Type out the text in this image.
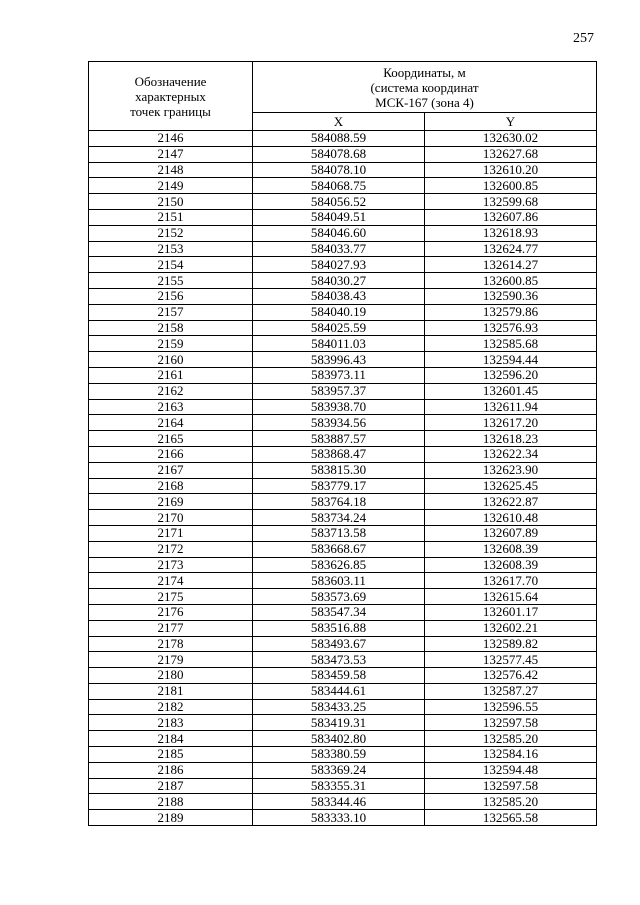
257
Обозначение
характерных
точек границы	Координаты, м
(система координат
МСК-167 (зона 4)	

	X	Y
2146	584088.59	132630.02
2147	584078.68	132627.68
2148	584078.10	132610.20
2149	584068.75	132600.85
2150	584056.52	132599.68
2151	584049.51	132607.86
2152	584046.60	132618.93
2153	584033.77	132624.77
2154	584027.93	132614.27
2155	584030.27	132600.85
2156	584038.43	132590.36
2157	584040.19	132579.86
2158	584025.59	132576.93
2159	584011.03	132585.68
2160	583996.43	132594.44
2161	583973.11	132596.20
2162	583957.37	132601.45
2163	583938.70	132611.94
2164	583934.56	132617.20
2165	583887.57	132618.23
2166	583868.47	132622.34
2167	583815.30	132623.90
2168	583779.17	132625.45
2169	583764.18	132622.87
2170	583734.24	132610.48
2171	583713.58	132607.89
2172	583668.67	132608.39
2173	583626.85	132608.39
2174	583603.11	132617.70
2175	583573.69	132615.64
2176	583547.34	132601.17
2177	583516.88	132602.21
2178	583493.67	132589.82
2179	583473.53	132577.45
2180	583459.58	132576.42
2181	583444.61	132587.27
2182	583433.25	132596.55
2183	583419.31	132597.58
2184	583402.80	132585.20
2185	583380.59	132584.16
2186	583369.24	132594.48
2187	583355.31	132597.58
2188	583344.46	132585.20
2189	583333.10	132565.58
